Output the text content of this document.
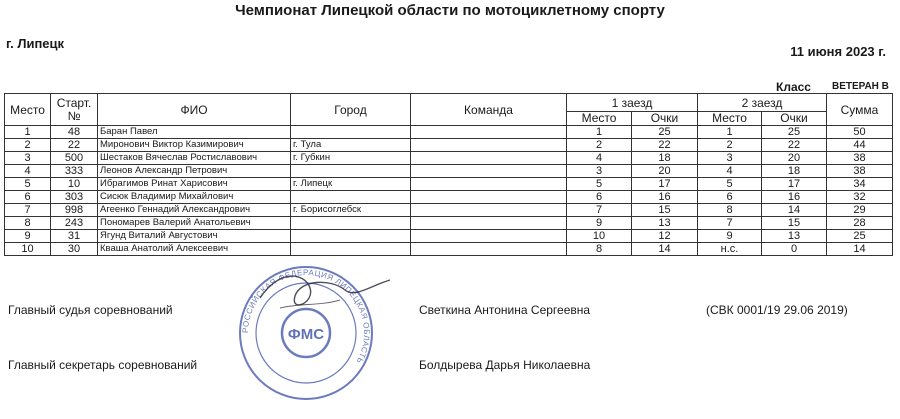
Чемпионат Липецкой области по мотоциклетному спорту
г. Липецк
11 июня 2023 г.
Класс ВЕТЕРАН В
Место	Старт. №	ФИО	Город	Команда	1 заезд		2 заезд		Сумма
					Место	Очки	Место	Очки	
1	48	Баран Павел			1	25	1	25	50
2	22	Миронович Виктор Казимирович	г. Тула		2	22	2	22	44
3	500	Шестаков Вячеслав Ростиславович	г. Губкин		4	18	3	20	38
4	333	Леонов Александр Петрович			3	20	4	18	38
5	10	Ибрагимов Ринат Харисович	г. Липецк		5	17	5	17	34
6	303	Сисюк Владимир Михайлович			6	16	6	16	32
7	998	Агеенко Геннадий Александрович	г. Борисоглебск		7	15	8	14	29
8	243	Пономарев Валерий Анатольевич			9	13	7	15	28
9	31	Ягунд Виталий Августович			10	12	9	13	25
10	30	Кваша Анатолий Алексеевич			8	14	н.с.	0	14
Главный судья соревнований	Светкина Антонина Сергеевна	(СВК 0001/19 29.06 2019)
Главный секретарь соревнований	Болдырева Дарья Николаевна
РОССИЙСКАЯ ФЕДЕРАЦИЯ ЛИПЕЦКАЯ ОБЛАСТЬ
ФМС
